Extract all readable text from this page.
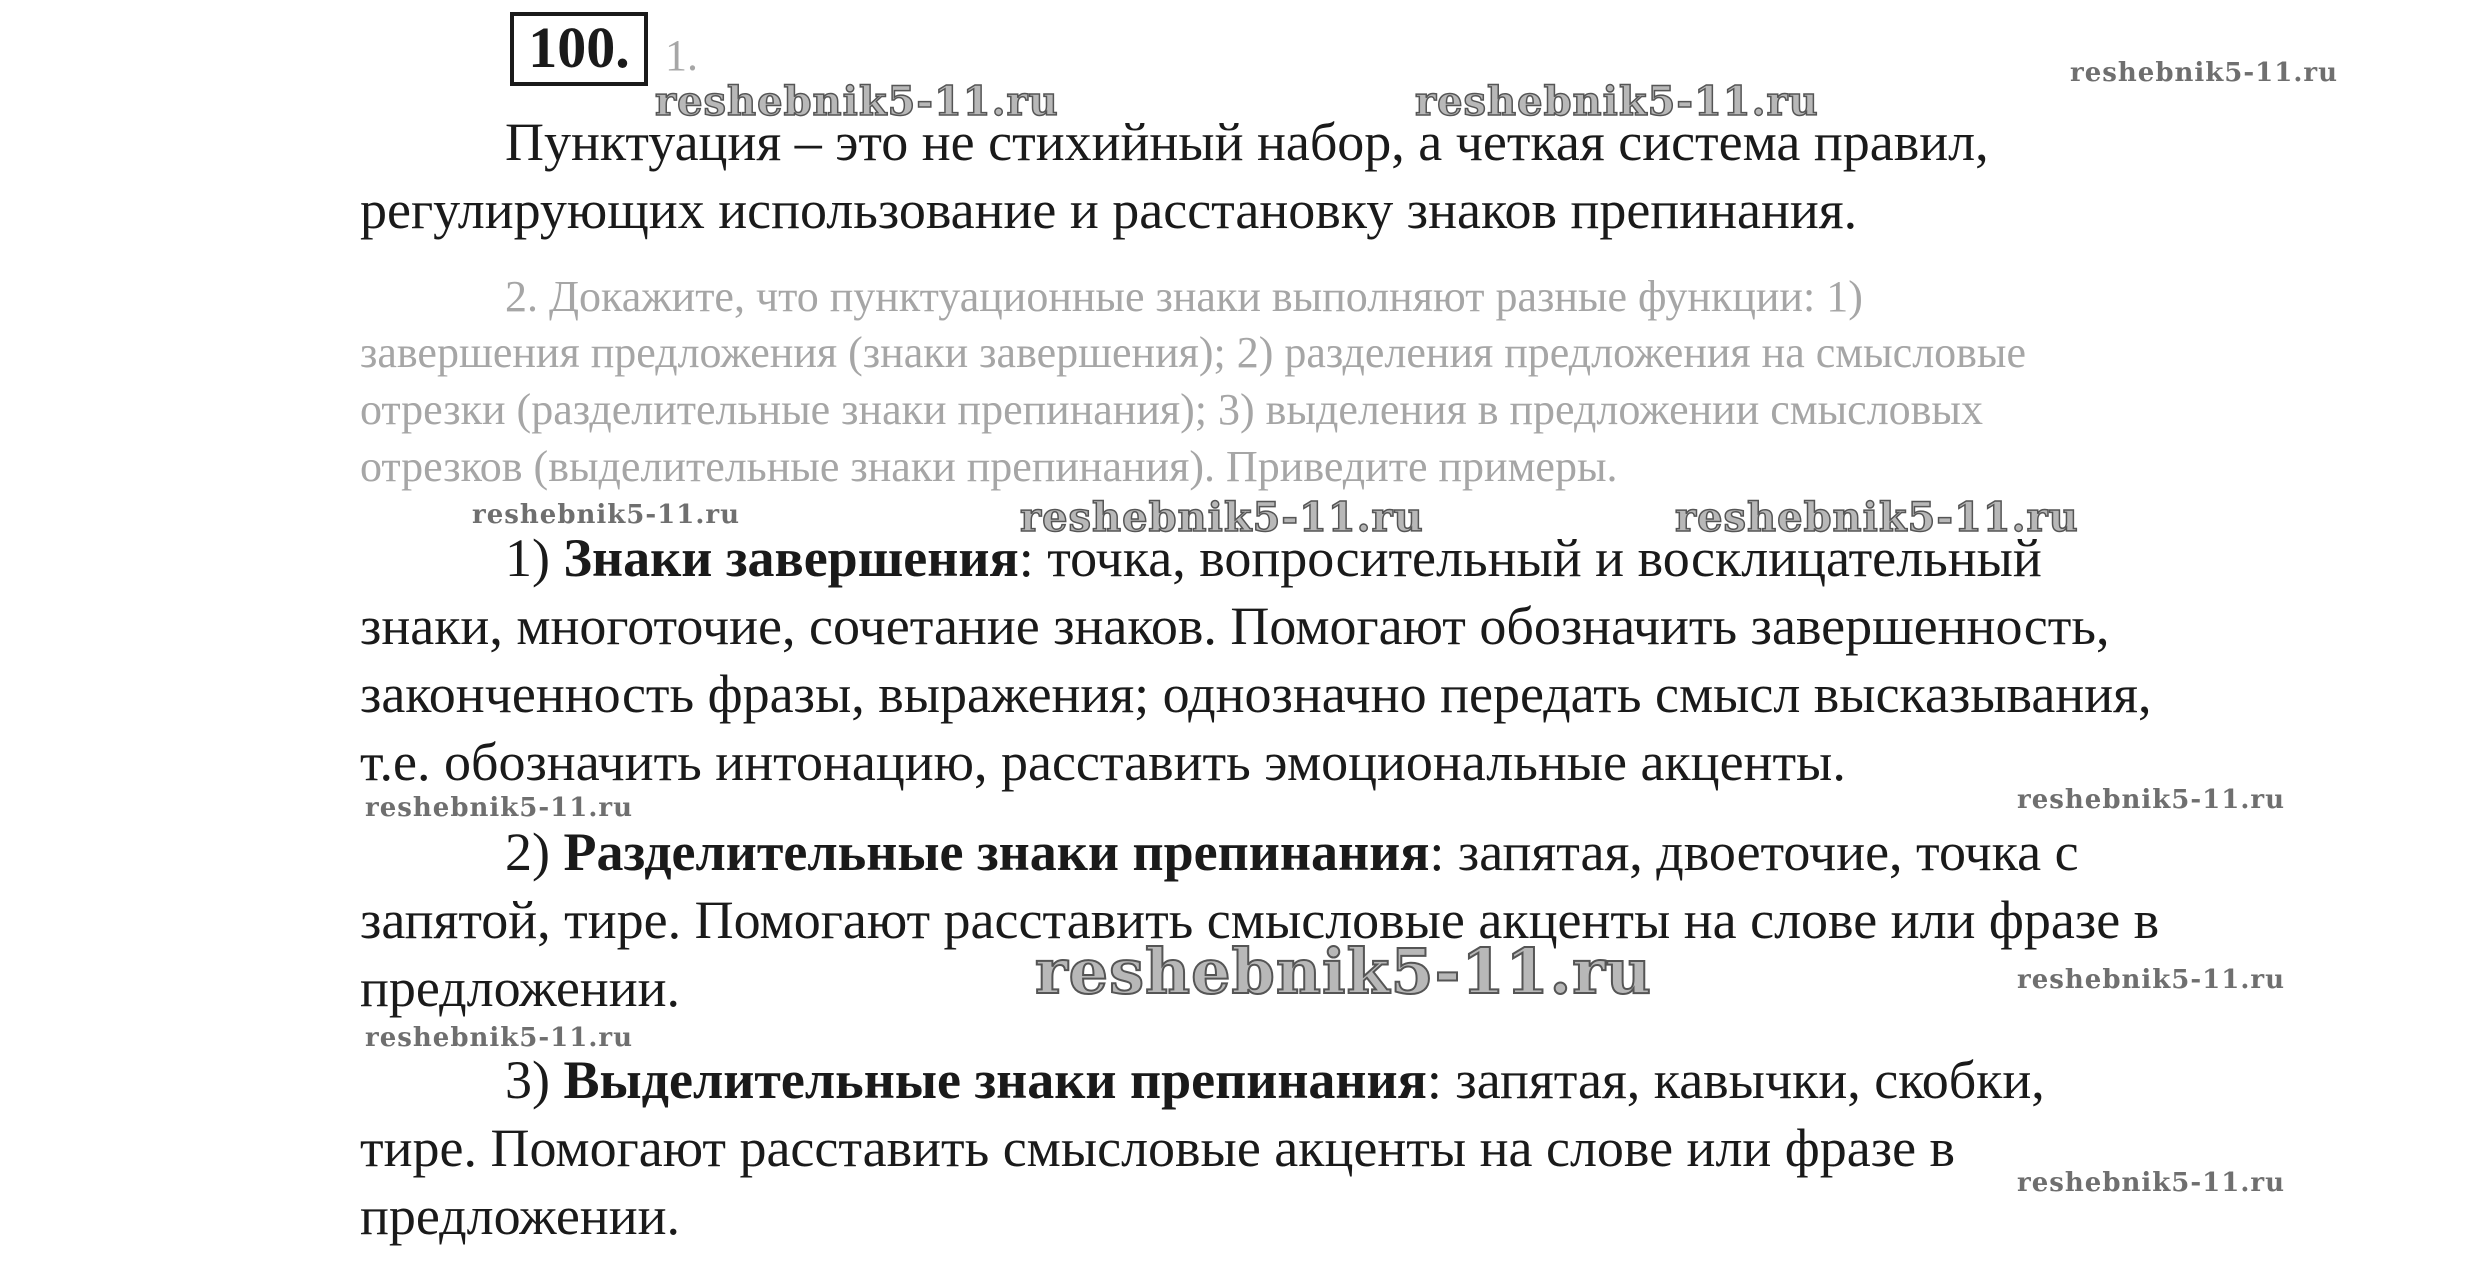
100. 1.
reshebnik5-11.ru	reshebnik5-11.ru
reshebnik5-11.ru
Пунктуация – это не стихийный набор, а четкая система правил,
регулирующих использование и расстановку знаков препинания.
2. Докажите, что пунктуационные знаки выполняют разные функции: 1)
завершения предложения (знаки завершения); 2) разделения предложения на смысловые
отрезки (разделительные знаки препинания); 3) выделения в предложении смысловых
отрезков (выделительные знаки препинания). Приведите примеры.
reshebnik5-11.ru	reshebnik5-11.ru	reshebnik5-11.ru
1) Знаки завершения: точка, вопросительный и восклицательный
знаки, многоточие, сочетание знаков. Помогают обозначить завершенность,
законченность фразы, выражения; однозначно передать смысл высказывания,
т.е. обозначить интонацию, расставить эмоциональные акценты.
reshebnik5-11.ru	reshebnik5-11.ru
2) Разделительные знаки препинания: запятая, двоеточие, точка с
запятой, тире. Помогают расставить смысловые акценты на слове или фразе в
предложении.	reshebnik5-11.ru	reshebnik5-11.ru
reshebnik5-11.ru
3) Выделительные знаки препинания: запятая, кавычки, скобки,
тире. Помогают расставить смысловые акценты на слове или фразе в
предложении.
reshebnik5-11.ru
